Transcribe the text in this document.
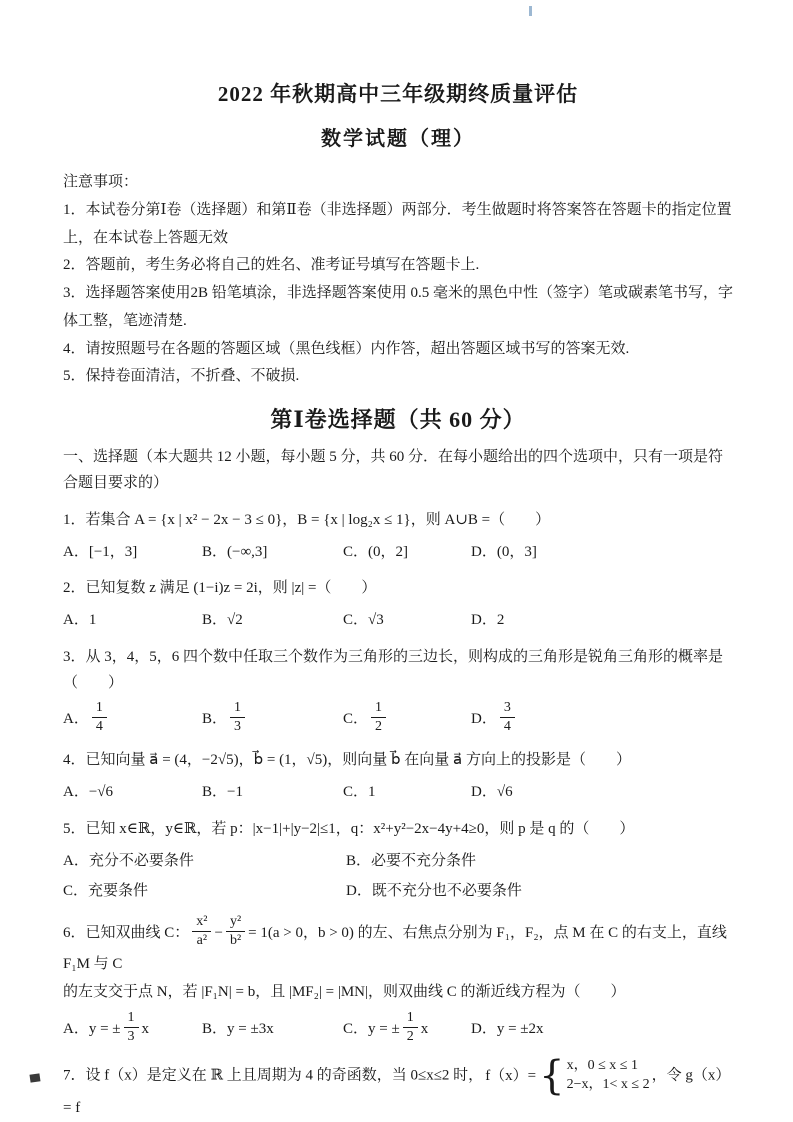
2022 年秋期高中三年级期终质量评估
数学试题（理）
注意事项：
1．本试卷分第Ⅰ卷（选择题）和第Ⅱ卷（非选择题）两部分．考生做题时将答案答在答题卡的指定位置上，在本试卷上答题无效
2．答题前，考生务必将自己的姓名、准考证号填写在答题卡上.
3．选择题答案使用2B 铅笔填涂，非选择题答案使用 0.5 毫米的黑色中性（签字）笔或碳素笔书写，字体工整，笔迹清楚.
4．请按照题号在各题的答题区域（黑色线框）内作答，超出答题区域书写的答案无效.
5．保持卷面清洁，不折叠、不破损.
第Ⅰ卷选择题（共 60 分）

一、选择题（本大题共 12 小题，每小题 5 分，共 60 分．在每小题给出的四个选项中，只有一项是符合题目要求的）

1．若集合 A = {x | x² − 2x − 3 ≤ 0}，B = {x | log₂x ≤ 1}，则 A∪B =（　　）
A．[−1，3]	B．(−∞,3]	C．(0，2]	D．(0，3]
2．已知复数 z 满足 (1−i)z = 2i，则 |z| =（　　）
A．1	B．√2	C．√3	D．2
3．从 3，4，5，6 四个数中任取三个数作为三角形的三边长，则构成的三角形是锐角三角形的概率是（　　）
A． $\frac{1}{4}$	B． $\frac{1}{3}$	C． $\frac{1}{2}$	D． $\frac{3}{4}$
4．已知向量 a⃗ = (4，−2√5)，b⃗ = (1，√5)，则向量 b⃗ 在向量 a⃗ 方向上的投影是（　　）
A．−√6	B．−1	C．1	D．√6
5．已知 x∈ℝ，y∈ℝ，若 p：|x−1|+|y−2|≤1，q：x²+y²−2x−4y+4≥0，则 p 是 q 的（　　）
A．充分不必要条件	B．必要不充分条件
C．充要条件	D．既不充分也不必要条件
6．已知双曲线 C： $\frac{\text{x²}}{\text{a²}} - \frac{\text{y²}}{\text{b²}} = 1(a > 0$，b > 0) 的左、右焦点分别为 F₁，F₂，点 M 在 C 的右支上，直线 F₁M 与 C
的左支交于点 N，若 |F₁N| = b，且 |MF₂| = |MN|，则双曲线 C 的渐近线方程为（　　）
A．y = ± $\frac{1}{3}$ x	B．y = ±3x	C．y = ± $\frac{1}{2}$ x	D．y = ±2x
7．设 f（x）是定义在 ℝ 上且周期为 4 的奇函数，当 0≤x≤2 时， f（x）= { x，0 ≤ x ≤ 1
2−x，1< x ≤ 2
，令 g（x）= f
